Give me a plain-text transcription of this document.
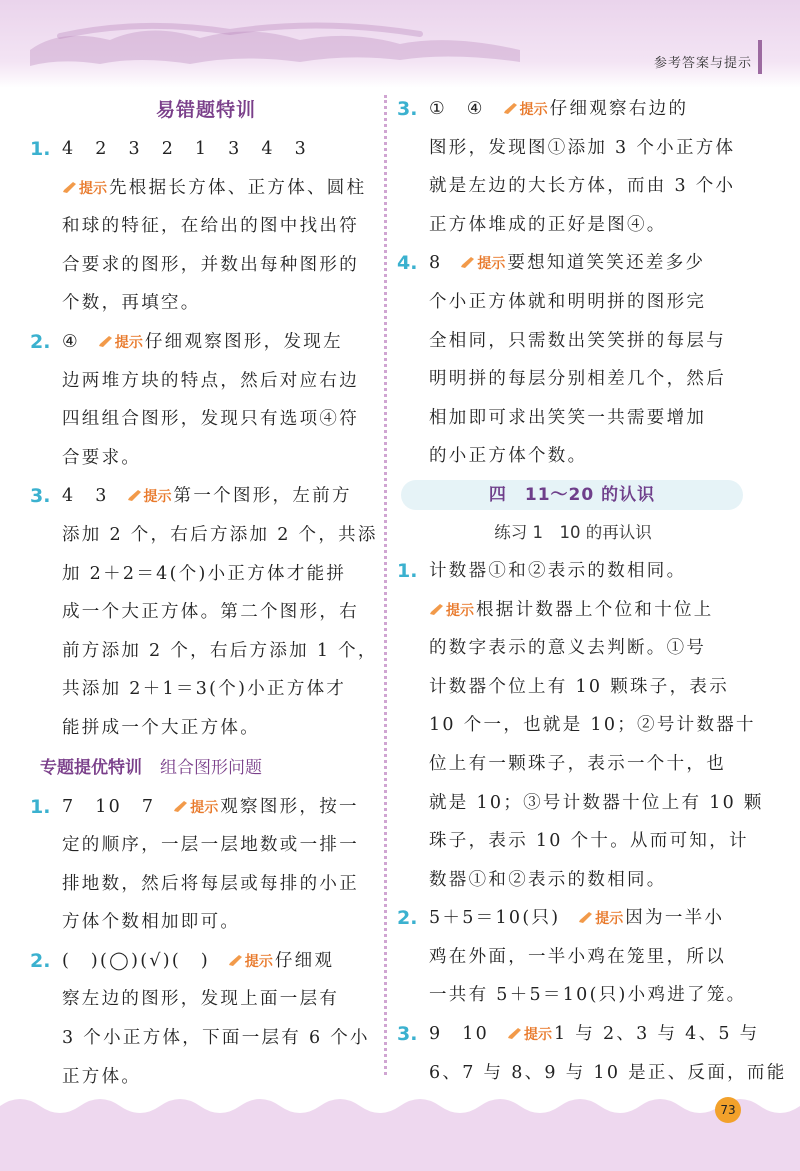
参考答案与提示
易错题特训
1. 4　2　3　2　1　3　4　3
提示 先根据长方体、正方体、圆柱
和球的特征，在给出的图中找出符
合要求的图形，并数出每种图形的
个数，再填空。
2. ④ 提示 仔细观察图形，发现左
边两堆方块的特点，然后对应右边
四组组合图形，发现只有选项④符
合要求。
3. 4　3 提示 第一个图形，左前方
添加 2 个，右后方添加 2 个，共添
加 2＋2＝4(个)小正方体才能拼
成一个大正方体。第二个图形，右
前方添加 2 个，右后方添加 1 个，
共添加 2＋1＝3(个)小正方体才
能拼成一个大正方体。
专题提优特训 组合图形问题
1. 7　10　7 提示 观察图形，按一
定的顺序，一层一层地数或一排一
排地数，然后将每层或每排的小正
方体个数相加即可。
2. (　)(◯)(√)(　) 提示 仔细观
察左边的图形，发现上面一层有
3 个小正方体，下面一层有 6 个小
正方体。
3. ①　④ 提示 仔细观察右边的
图形，发现图①添加 3 个小正方体
就是左边的大长方体，而由 3 个小
正方体堆成的正好是图④。
4. 8 提示 要想知道笑笑还差多少
个小正方体就和明明拼的图形完
全相同，只需数出笑笑拼的每层与
明明拼的每层分别相差几个，然后
相加即可求出笑笑一共需要增加
的小正方体个数。
四　11～20 的认识
练习 1　10 的再认识
1. 计数器①和②表示的数相同。
提示 根据计数器上个位和十位上
的数字表示的意义去判断。①号
计数器个位上有 10 颗珠子，表示
10 个一，也就是 10；②号计数器十
位上有一颗珠子，表示一个十，也
就是 10；③号计数器十位上有 10 颗
珠子，表示 10 个十。从而可知，计
数器①和②表示的数相同。
2. 5＋5＝10(只) 提示 因为一半小
鸡在外面，一半小鸡在笼里，所以
一共有 5＋5＝10(只)小鸡进了笼。
3. 9　10 提示 1 与 2、3 与 4、5 与
6、7 与 8、9 与 10 是正、反面，而能
73
